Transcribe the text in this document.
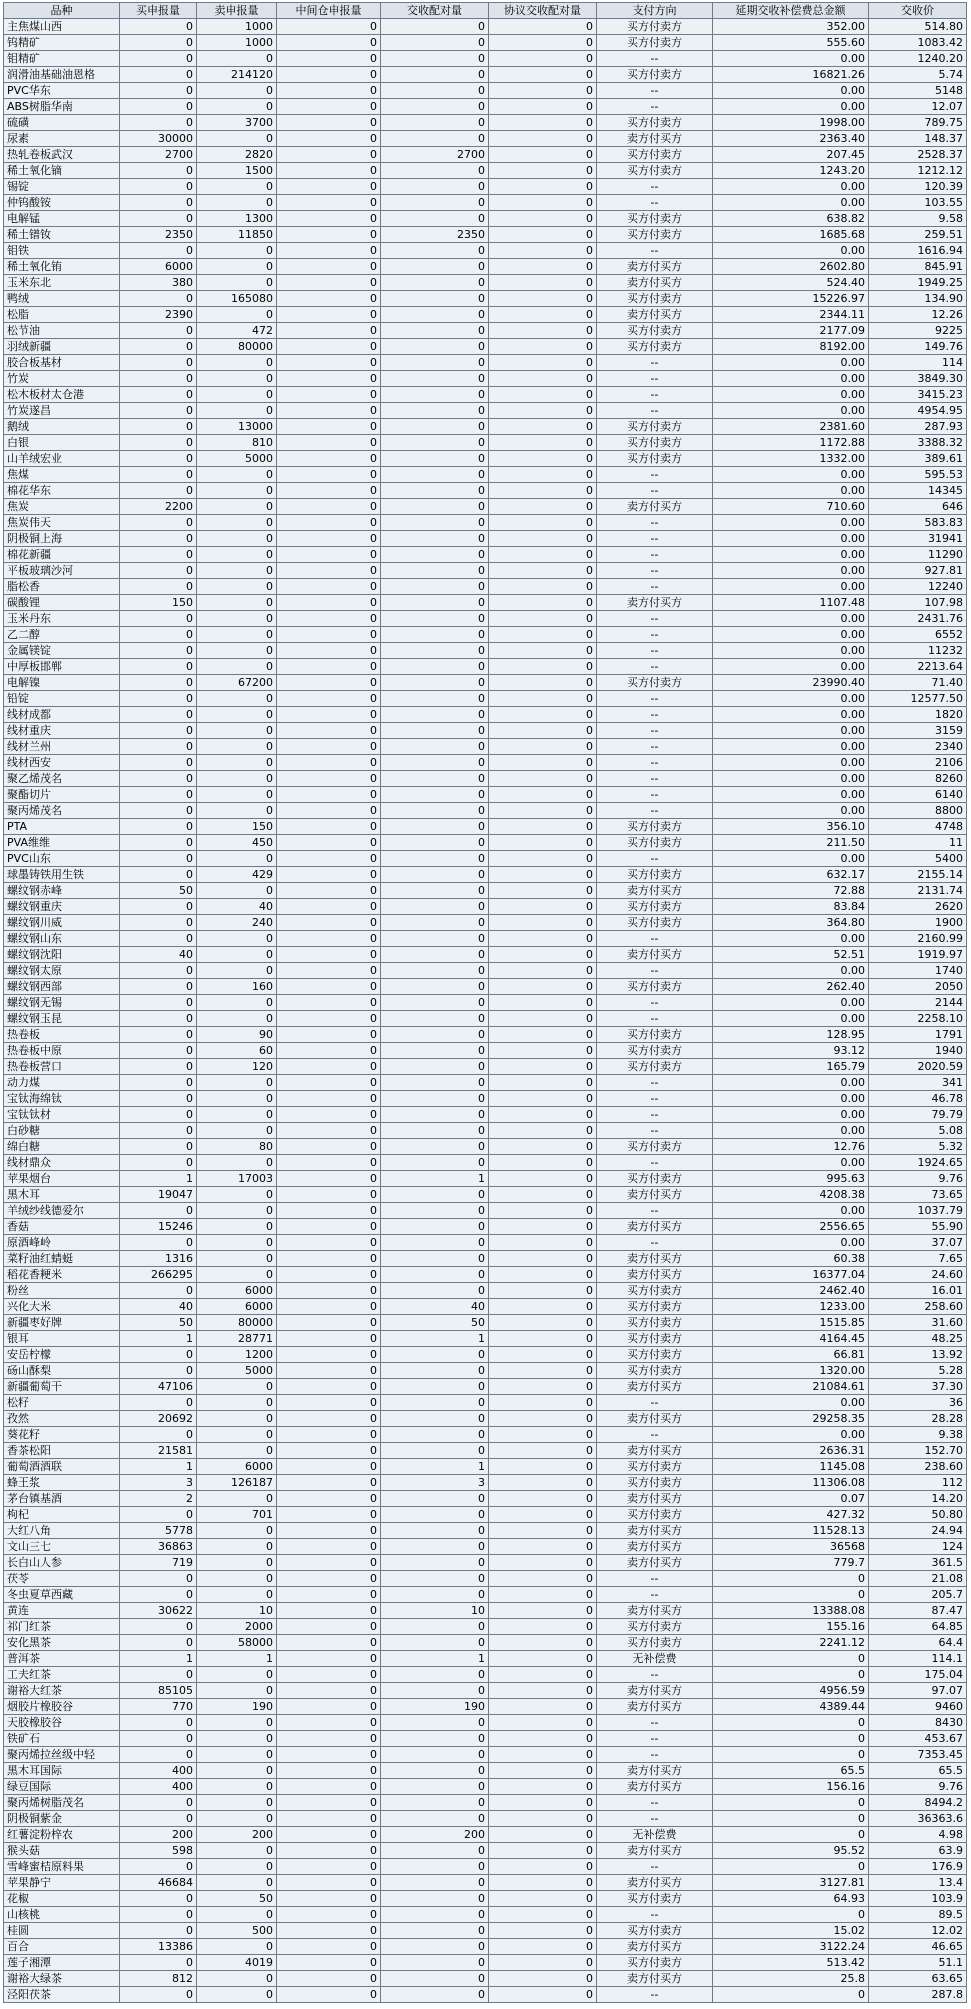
品种	买申报量	卖申报量	中间仓申报量	交收配对量	协议交收配对量	支付方向	延期交收补偿费总金额	交收价
主焦煤山西	0	1000	0	0	0	买方付卖方	352.00	514.80
钨精矿	0	1000	0	0	0	买方付卖方	555.60	1083.42
钼精矿	0	0	0	0	0	--	0.00	1240.20
润滑油基础油恩格	0	214120	0	0	0	买方付卖方	16821.26	5.74
PVC华东	0	0	0	0	0	--	0.00	5148
ABS树脂华南	0	0	0	0	0	--	0.00	12.07
硫磺	0	3700	0	0	0	买方付卖方	1998.00	789.75
尿素	30000	0	0	0	0	卖方付买方	2363.40	148.37
热轧卷板武汉	2700	2820	0	2700	0	买方付卖方	207.45	2528.37
稀土氧化镝	0	1500	0	0	0	买方付卖方	1243.20	1212.12
锡锭	0	0	0	0	0	--	0.00	120.39
仲钨酸铵	0	0	0	0	0	--	0.00	103.55
电解锰	0	1300	0	0	0	买方付卖方	638.82	9.58
稀土镨钕	2350	11850	0	2350	0	买方付卖方	1685.68	259.51
钼铁	0	0	0	0	0	--	0.00	1616.94
稀土氧化铕	6000	0	0	0	0	卖方付买方	2602.80	845.91
玉米东北	380	0	0	0	0	卖方付买方	524.40	1949.25
鸭绒	0	165080	0	0	0	买方付卖方	15226.97	134.90
松脂	2390	0	0	0	0	卖方付买方	2344.11	12.26
松节油	0	472	0	0	0	买方付卖方	2177.09	9225
羽绒新疆	0	80000	0	0	0	买方付卖方	8192.00	149.76
胶合板基材	0	0	0	0	0	--	0.00	114
竹炭	0	0	0	0	0	--	0.00	3849.30
松木板材太仓港	0	0	0	0	0	--	0.00	3415.23
竹炭遂昌	0	0	0	0	0	--	0.00	4954.95
鹅绒	0	13000	0	0	0	买方付卖方	2381.60	287.93
白银	0	810	0	0	0	买方付卖方	1172.88	3388.32
山羊绒宏业	0	5000	0	0	0	买方付卖方	1332.00	389.61
焦煤	0	0	0	0	0	--	0.00	595.53
棉花华东	0	0	0	0	0	--	0.00	14345
焦炭	2200	0	0	0	0	卖方付买方	710.60	646
焦炭伟天	0	0	0	0	0	--	0.00	583.83
阴极铜上海	0	0	0	0	0	--	0.00	31941
棉花新疆	0	0	0	0	0	--	0.00	11290
平板玻璃沙河	0	0	0	0	0	--	0.00	927.81
脂松香	0	0	0	0	0	--	0.00	12240
碳酸锂	150	0	0	0	0	卖方付买方	1107.48	107.98
玉米丹东	0	0	0	0	0	--	0.00	2431.76
乙二醇	0	0	0	0	0	--	0.00	6552
金属镁锭	0	0	0	0	0	--	0.00	11232
中厚板邯郸	0	0	0	0	0	--	0.00	2213.64
电解镍	0	67200	0	0	0	买方付卖方	23990.40	71.40
铅锭	0	0	0	0	0	--	0.00	12577.50
线材成都	0	0	0	0	0	--	0.00	1820
线材重庆	0	0	0	0	0	--	0.00	3159
线材兰州	0	0	0	0	0	--	0.00	2340
线材西安	0	0	0	0	0	--	0.00	2106
聚乙烯茂名	0	0	0	0	0	--	0.00	8260
聚酯切片	0	0	0	0	0	--	0.00	6140
聚丙烯茂名	0	0	0	0	0	--	0.00	8800
PTA	0	150	0	0	0	买方付卖方	356.10	4748
PVA维维	0	450	0	0	0	买方付卖方	211.50	11
PVC山东	0	0	0	0	0	--	0.00	5400
球墨铸铁用生铁	0	429	0	0	0	买方付卖方	632.17	2155.14
螺纹钢赤峰	50	0	0	0	0	卖方付买方	72.88	2131.74
螺纹钢重庆	0	40	0	0	0	买方付卖方	83.84	2620
螺纹钢川威	0	240	0	0	0	买方付卖方	364.80	1900
螺纹钢山东	0	0	0	0	0	--	0.00	2160.99
螺纹钢沈阳	40	0	0	0	0	卖方付买方	52.51	1919.97
螺纹钢太原	0	0	0	0	0	--	0.00	1740
螺纹钢西部	0	160	0	0	0	买方付卖方	262.40	2050
螺纹钢无锡	0	0	0	0	0	--	0.00	2144
螺纹钢玉昆	0	0	0	0	0	--	0.00	2258.10
热卷板	0	90	0	0	0	买方付卖方	128.95	1791
热卷板中原	0	60	0	0	0	买方付卖方	93.12	1940
热卷板营口	0	120	0	0	0	买方付卖方	165.79	2020.59
动力煤	0	0	0	0	0	--	0.00	341
宝钛海绵钛	0	0	0	0	0	--	0.00	46.78
宝钛钛材	0	0	0	0	0	--	0.00	79.79
白砂糖	0	0	0	0	0	--	0.00	5.08
绵白糖	0	80	0	0	0	买方付卖方	12.76	5.32
线材鼎众	0	0	0	0	0	--	0.00	1924.65
苹果烟台	1	17003	0	1	0	买方付卖方	995.63	9.76
黑木耳	19047	0	0	0	0	卖方付买方	4208.38	73.65
羊绒纱线德爱尔	0	0	0	0	0	--	0.00	1037.79
香菇	15246	0	0	0	0	卖方付买方	2556.65	55.90
原酒峰岭	0	0	0	0	0	--	0.00	37.07
菜籽油红蜻蜓	1316	0	0	0	0	卖方付买方	60.38	7.65
稻花香粳米	266295	0	0	0	0	卖方付买方	16377.04	24.60
粉丝	0	6000	0	0	0	买方付卖方	2462.40	16.01
兴化大米	40	6000	0	40	0	买方付卖方	1233.00	258.60
新疆枣好牌	50	80000	0	50	0	买方付卖方	1515.85	31.60
银耳	1	28771	0	1	0	买方付卖方	4164.45	48.25
安岳柠檬	0	1200	0	0	0	买方付卖方	66.81	13.92
砀山酥梨	0	5000	0	0	0	买方付卖方	1320.00	5.28
新疆葡萄干	47106	0	0	0	0	卖方付买方	21084.61	37.30
松籽	0	0	0	0	0	--	0.00	36
孜然	20692	0	0	0	0	卖方付买方	29258.35	28.28
葵花籽	0	0	0	0	0	--	0.00	9.38
香茶松阳	21581	0	0	0	0	卖方付买方	2636.31	152.70
葡萄酒酒联	1	6000	0	1	0	买方付卖方	1145.08	238.60
蜂王浆	3	126187	0	3	0	买方付卖方	11306.08	112
茅台镇基酒	2	0	0	0	0	卖方付买方	0.07	14.20
枸杞	0	701	0	0	0	买方付卖方	427.32	50.80
大红八角	5778	0	0	0	0	卖方付买方	11528.13	24.94
文山三七	36863	0	0	0	0	卖方付买方	36568	124
长白山人参	719	0	0	0	0	卖方付买方	779.7	361.5
茯苓	0	0	0	0	0	--	0	21.08
冬虫夏草西藏	0	0	0	0	0	--	0	205.7
黄连	30622	10	0	10	0	卖方付买方	13388.08	87.47
祁门红茶	0	2000	0	0	0	买方付卖方	155.16	64.85
安化黑茶	0	58000	0	0	0	买方付卖方	2241.12	64.4
普洱茶	1	1	0	1	0	无补偿费	0	114.1
工夫红茶	0	0	0	0	0	--	0	175.04
谢裕大红茶	85105	0	0	0	0	卖方付买方	4956.59	97.07
烟胶片橡胶谷	770	190	0	190	0	卖方付买方	4389.44	9460
天胶橡胶谷	0	0	0	0	0	--	0	8430
铁矿石	0	0	0	0	0	--	0	453.67
聚丙烯拉丝级中轻	0	0	0	0	0	--	0	7353.45
黑木耳国际	400	0	0	0	0	卖方付买方	65.5	65.5
绿豆国际	400	0	0	0	0	卖方付买方	156.16	9.76
聚丙烯树脂茂名	0	0	0	0	0	--	0	8494.2
阴极铜紫金	0	0	0	0	0	--	0	36363.6
红薯淀粉梓农	200	200	0	200	0	无补偿费	0	4.98
猴头菇	598	0	0	0	0	卖方付买方	95.52	63.9
雪峰蜜桔原料果	0	0	0	0	0	--	0	176.9
苹果静宁	46684	0	0	0	0	卖方付买方	3127.81	13.4
花椒	0	50	0	0	0	买方付卖方	64.93	103.9
山核桃	0	0	0	0	0	--	0	89.5
桂圆	0	500	0	0	0	买方付卖方	15.02	12.02
百合	13386	0	0	0	0	卖方付买方	3122.24	46.65
莲子湘潭	0	4019	0	0	0	买方付卖方	513.42	51.1
谢裕大绿茶	812	0	0	0	0	卖方付买方	25.8	63.65
泾阳茯茶	0	0	0	0	0	--	0	287.8
